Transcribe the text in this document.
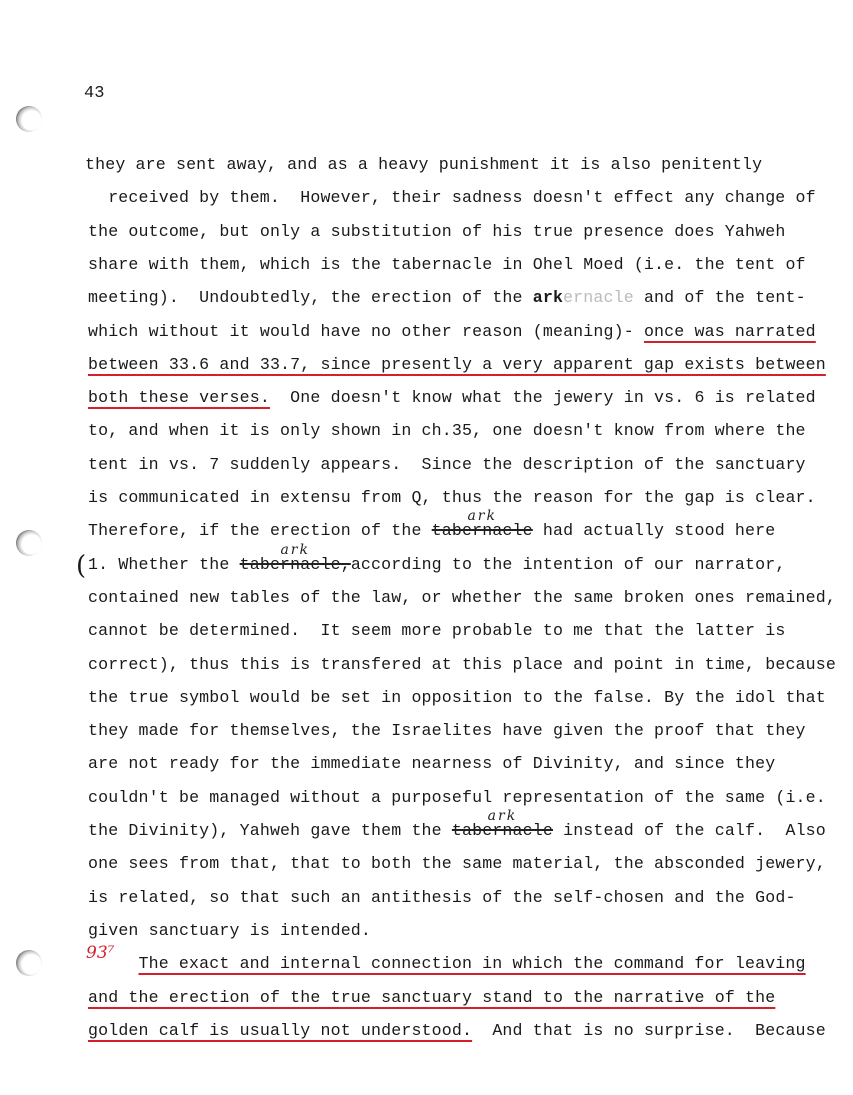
43
93⁷
(
they are sent away, and as a heavy punishment it is also penitently
received by them.  However, their sadness doesn't effect any change of
the outcome, but only a substitution of his true presence does Yahweh
share with them, which is the tabernacle in Ohel Moed (i.e. the tent of
meeting).  Undoubtedly, the erection of the arkernacle and of the tent-
which without it would have no other reason (meaning)- once was narrated
between 33.6 and 33.7, since presently a very apparent gap exists between
both these verses.  One doesn't know what the jewery in vs. 6 is related
to, and when it is only shown in ch.35, one doesn't know from where the
tent in vs. 7 suddenly appears.  Since the description of the sanctuary
is communicated in extensu from Q, thus the reason for the gap is clear.
Therefore, if the erection of the tabernacle
ark
had actually stood here
1. Whether the tabernacle,
ark
according to the intention of our narrator,
contained new tables of the law, or whether the same broken ones remained,
cannot be determined.  It seem more probable to me that the latter is
correct), thus this is transfered at this place and point in time, because
the true symbol would be set in opposition to the false. By the idol that
they made for themselves, the Israelites have given the proof that they
are not ready for the immediate nearness of Divinity, and since they
couldn't be managed without a purposeful representation of the same (i.e.
the Divinity), Yahweh gave them the tabernacle
ark
instead of the calf.  Also
one sees from that, that to both the same material, the absconded jewery,
is related, so that such an antithesis of the self-chosen and the God-
given sanctuary is intended.
The exact and internal connection in which the command for leaving
and the erection of the true sanctuary stand to the narrative of the
golden calf is usually not understood.  And that is no surprise.  Because
